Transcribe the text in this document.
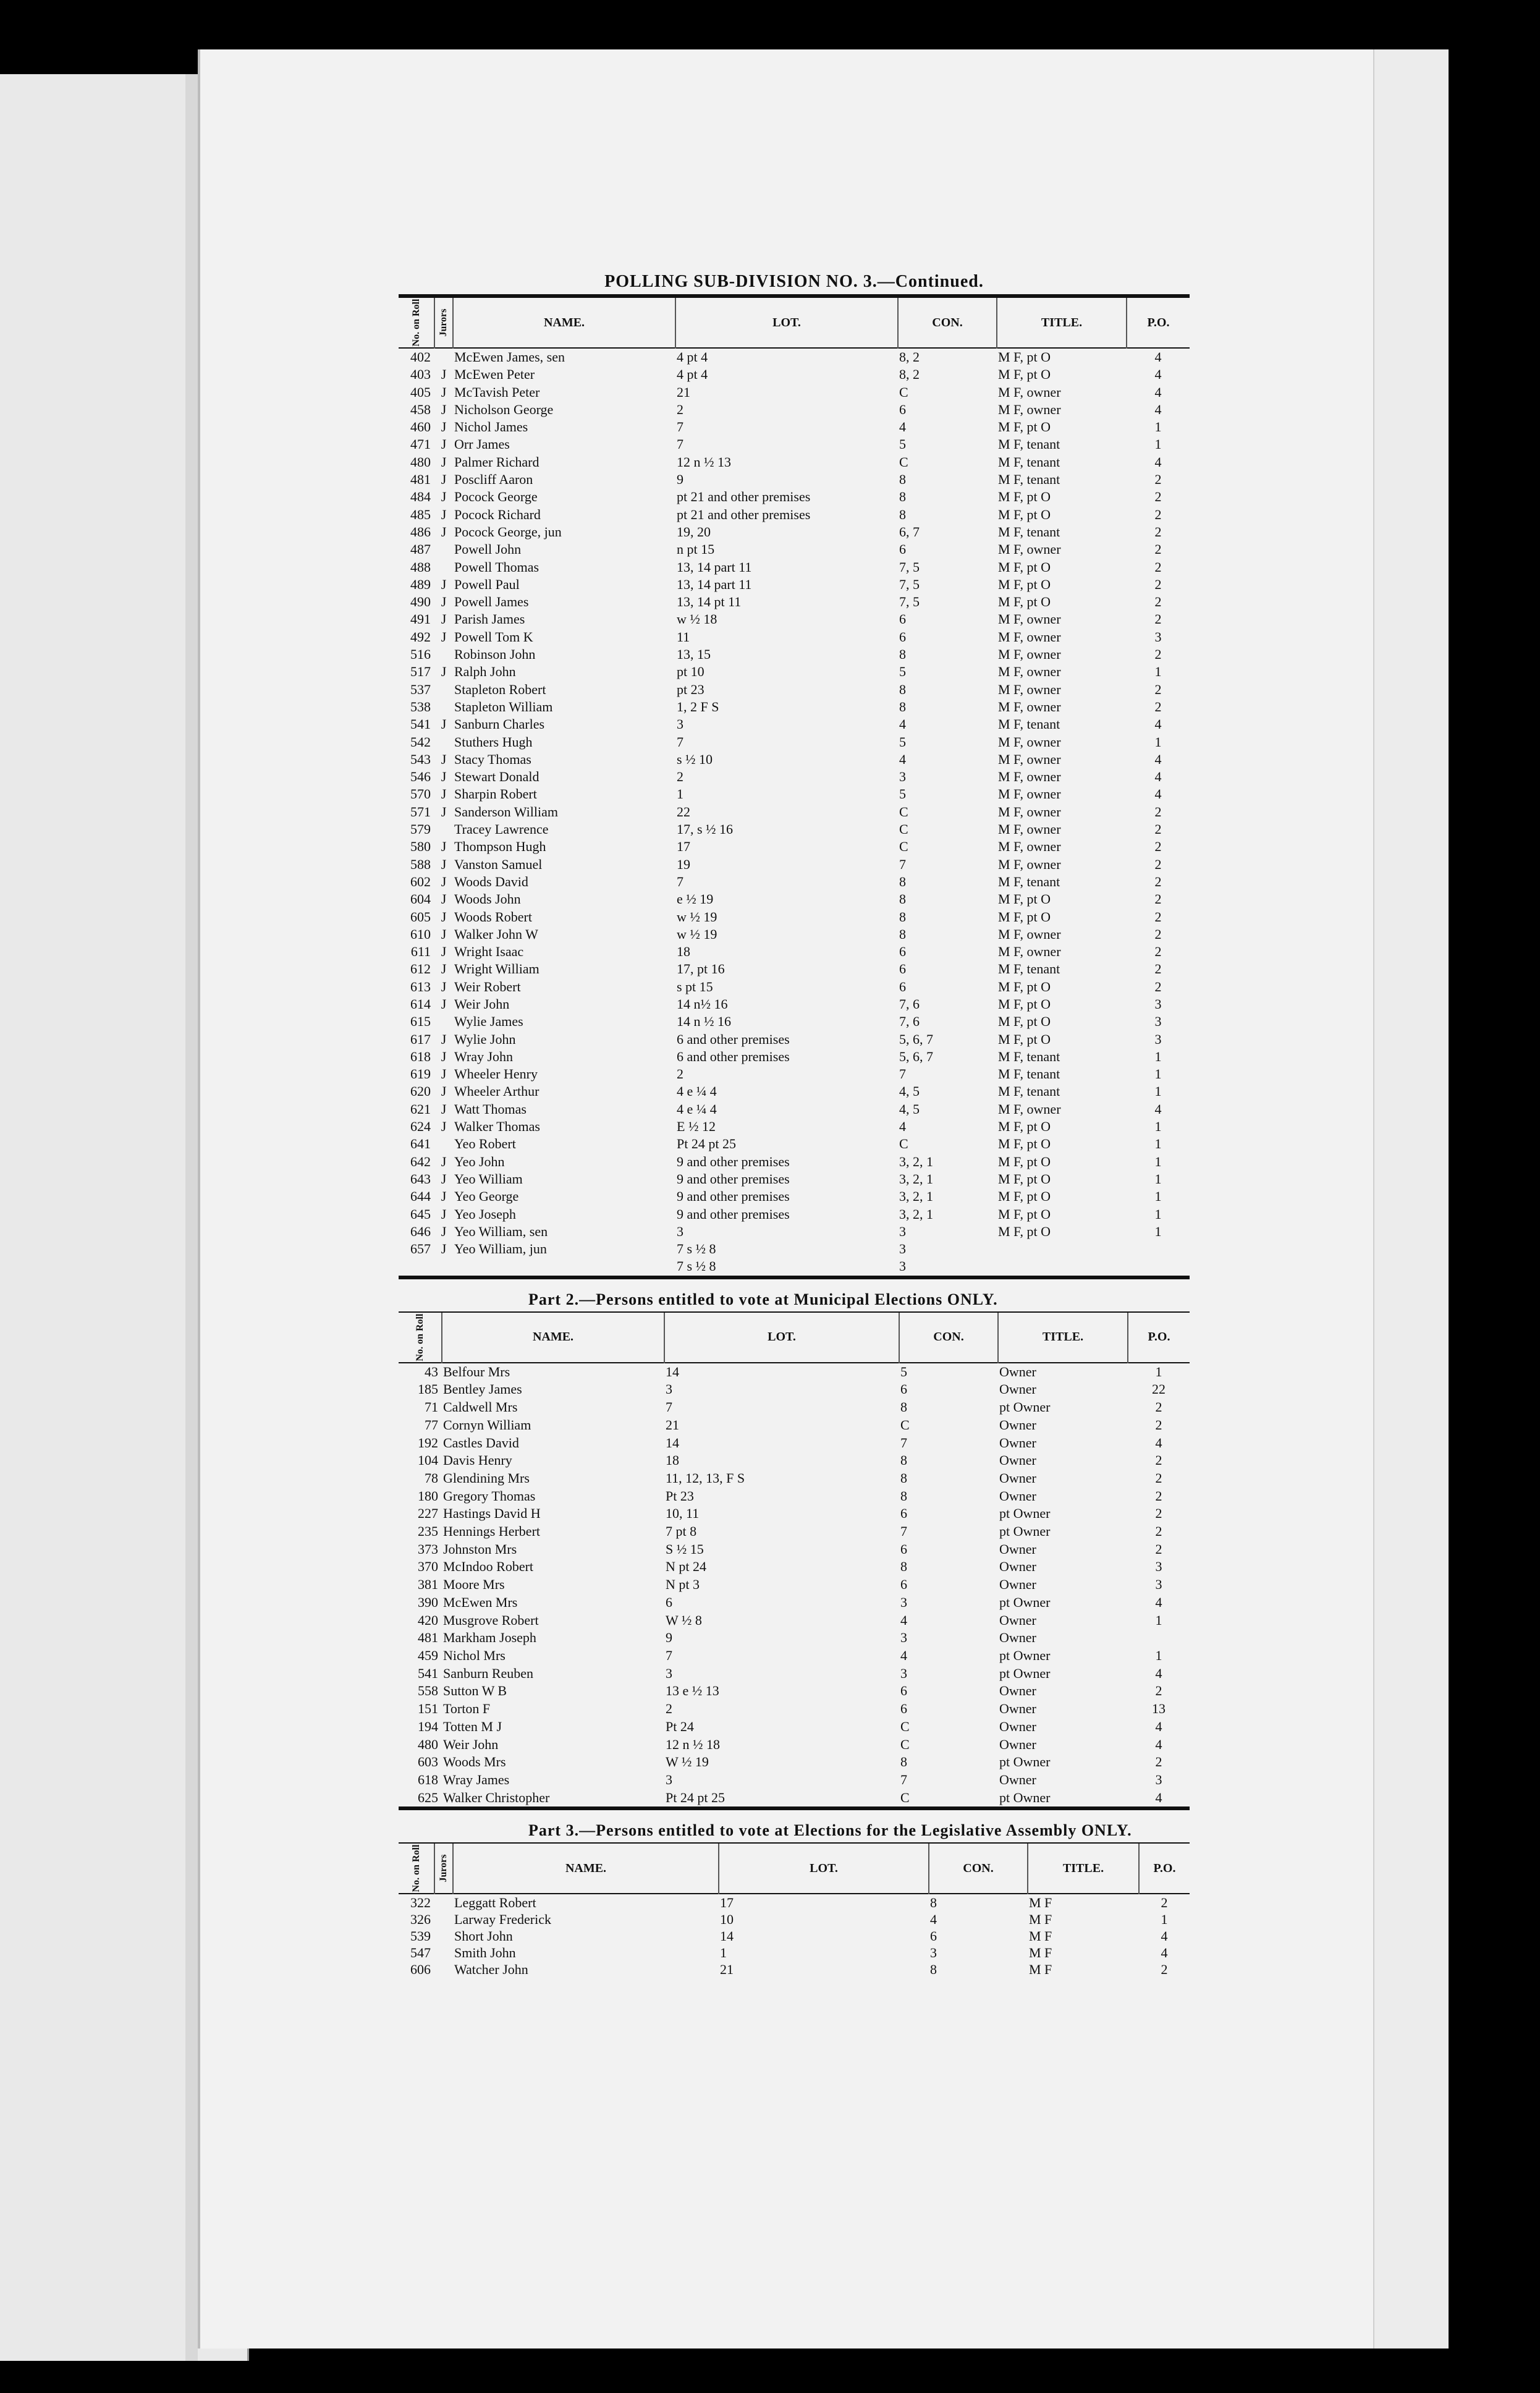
POLLING SUB-DIVISION NO. 3.—Continued.
No. on Roll	Jurors	NAME.	LOT.	CON.	TITLE.	P.O.
402		McEwen James, sen	4 pt 4	8, 2	M F, pt O	4
403	J	McEwen Peter	4 pt 4	8, 2	M F, pt O	4
405	J	McTavish Peter	21	C	M F, owner	4
458	J	Nicholson George	2	6	M F, owner	4
460	J	Nichol James	7	4	M F, pt O	1
471	J	Orr James	7	5	M F, tenant	1
480	J	Palmer Richard	12 n ½ 13	C	M F, tenant	4
481	J	Poscliff Aaron	9	8	M F, tenant	2
484	J	Pocock George	pt 21 and other premises	8	M F, pt O	2
485	J	Pocock Richard	pt 21 and other premises	8	M F, pt O	2
486	J	Pocock George, jun	19, 20	6, 7	M F, tenant	2
487		Powell John	n pt 15	6	M F, owner	2
488		Powell Thomas	13, 14 part 11	7, 5	M F, pt O	2
489	J	Powell Paul	13, 14 part 11	7, 5	M F, pt O	2
490	J	Powell James	13, 14 pt 11	7, 5	M F, pt O	2
491	J	Parish James	w ½ 18	6	M F, owner	2
492	J	Powell Tom K	11	6	M F, owner	3
516		Robinson John	13, 15	8	M F, owner	2
517	J	Ralph John	pt 10	5	M F, owner	1
537		Stapleton Robert	pt 23	8	M F, owner	2
538		Stapleton William	1, 2 F S	8	M F, owner	2
541	J	Sanburn Charles	3	4	M F, tenant	4
542		Stuthers Hugh	7	5	M F, owner	1
543	J	Stacy Thomas	s ½ 10	4	M F, owner	4
546	J	Stewart Donald	2	3	M F, owner	4
570	J	Sharpin Robert	1	5	M F, owner	4
571	J	Sanderson William	22	C	M F, owner	2
579		Tracey Lawrence	17, s ½ 16	C	M F, owner	2
580	J	Thompson Hugh	17	C	M F, owner	2
588	J	Vanston Samuel	19	7	M F, owner	2
602	J	Woods David	7	8	M F, tenant	2
604	J	Woods John	e ½ 19	8	M F, pt O	2
605	J	Woods Robert	w ½ 19	8	M F, pt O	2
610	J	Walker John W	w ½ 19	8	M F, owner	2
611	J	Wright Isaac	18	6	M F, owner	2
612	J	Wright William	17, pt 16	6	M F, tenant	2
613	J	Weir Robert	s pt 15	6	M F, pt O	2
614	J	Weir John	14 n½ 16	7, 6	M F, pt O	3
615		Wylie James	14 n ½ 16	7, 6	M F, pt O	3
617	J	Wylie John	6 and other premises	5, 6, 7	M F, pt O	3
618	J	Wray John	6 and other premises	5, 6, 7	M F, tenant	1
619	J	Wheeler Henry	2	7	M F, tenant	1
620	J	Wheeler Arthur	4 e ¼ 4	4, 5	M F, tenant	1
621	J	Watt Thomas	4 e ¼ 4	4, 5	M F, owner	4
624	J	Walker Thomas	E ½ 12	4	M F, pt O	1
641		Yeo Robert	Pt 24 pt 25	C	M F, pt O	1
642	J	Yeo John	9 and other premises	3, 2, 1	M F, pt O	1
643	J	Yeo William	9 and other premises	3, 2, 1	M F, pt O	1
644	J	Yeo George	9 and other premises	3, 2, 1	M F, pt O	1
645	J	Yeo Joseph	9 and other premises	3, 2, 1	M F, pt O	1
646	J	Yeo William, sen	3	3	M F, pt O	1
657	J	Yeo William, jun	7 s ½ 8	3		
			7 s ½ 8	3		
Part 2.—Persons entitled to vote at Municipal Elections ONLY.
No. on Roll	NAME.	LOT.	CON.	TITLE.	P.O.
43	Belfour Mrs	14	5	Owner	1
185	Bentley James	3	6	Owner	22
71	Caldwell Mrs	7	8	pt Owner	2
77	Cornyn William	21	C	Owner	2
192	Castles David	14	7	Owner	4
104	Davis Henry	18	8	Owner	2
78	Glendining Mrs	11, 12, 13, F S	8	Owner	2
180	Gregory Thomas	Pt 23	8	Owner	2
227	Hastings David H	10, 11	6	pt Owner	2
235	Hennings Herbert	7 pt 8	7	pt Owner	2
373	Johnston Mrs	S ½ 15	6	Owner	2
370	McIndoo Robert	N pt 24	8	Owner	3
381	Moore Mrs	N pt 3	6	Owner	3
390	McEwen Mrs	6	3	pt Owner	4
420	Musgrove Robert	W ½ 8	4	Owner	1
481	Markham Joseph	9	3	Owner	
459	Nichol Mrs	7	4	pt Owner	1
541	Sanburn Reuben	3	3	pt Owner	4
558	Sutton W B	13 e ½ 13	6	Owner	2
151	Torton F	2	6	Owner	13
194	Totten M J	Pt 24	C	Owner	4
480	Weir John	12 n ½ 18	C	Owner	4
603	Woods Mrs	W ½ 19	8	pt Owner	2
618	Wray James	3	7	Owner	3
625	Walker Christopher	Pt 24 pt 25	C	pt Owner	4
Part 3.—Persons entitled to vote at Elections for the Legislative Assembly ONLY.
No. on Roll	Jurors	NAME.	LOT.	CON.	TITLE.	P.O.
322		Leggatt Robert	17	8	M F	2
326		Larway Frederick	10	4	M F	1
539		Short John	14	6	M F	4
547		Smith John	1	3	M F	4
606		Watcher John	21	8	M F	2
